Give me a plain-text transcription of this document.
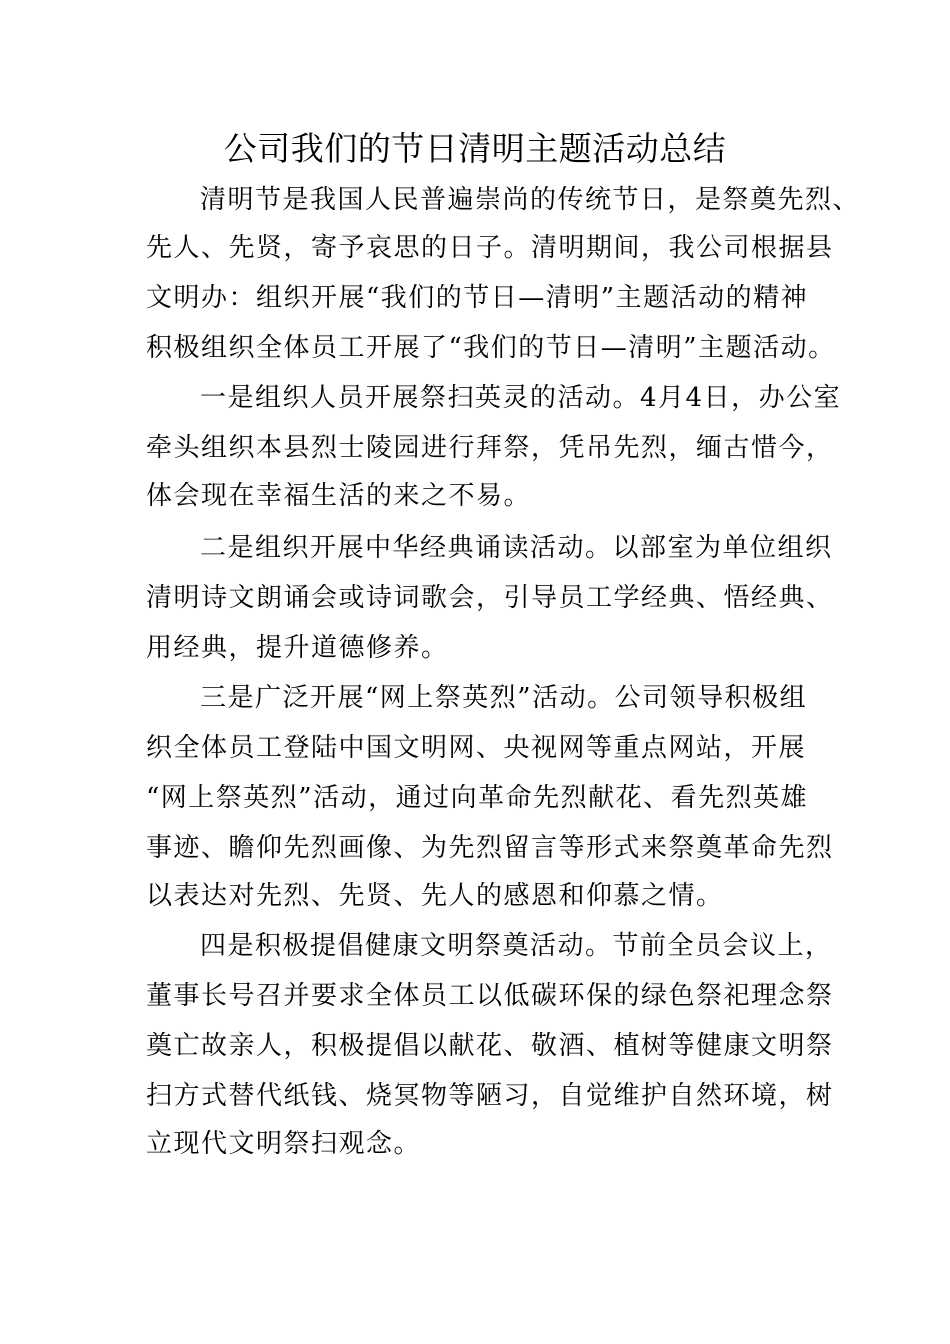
公司我们的节日清明主题活动总结

清明节是我国人民普遍崇尚的传统节日，是祭奠先烈、

先人、先贤，寄予哀思的日子。清明期间，我公司根据县

文明办：组织开展“我们的节日—清明”主题活动的精神

积极组织全体员工开展了“我们的节日—清明”主题活动。

一是组织人员开展祭扫英灵的活动。4月4日，办公室

牵头组织本县烈士陵园进行拜祭，凭吊先烈，缅古惜今，

体会现在幸福生活的来之不易。

二是组织开展中华经典诵读活动。以部室为单位组织

清明诗文朗诵会或诗词歌会，引导员工学经典、悟经典、

用经典，提升道德修养。

三是广泛开展“网上祭英烈”活动。公司领导积极组

织全体员工登陆中国文明网、央视网等重点网站，开展

“网上祭英烈”活动，通过向革命先烈献花、看先烈英雄

事迹、瞻仰先烈画像、为先烈留言等形式来祭奠革命先烈

以表达对先烈、先贤、先人的感恩和仰慕之情。

四是积极提倡健康文明祭奠活动。节前全员会议上，

董事长号召并要求全体员工以低碳环保的绿色祭祀理念祭

奠亡故亲人，积极提倡以献花、敬酒、植树等健康文明祭

扫方式替代纸钱、烧冥物等陋习，自觉维护自然环境，树

立现代文明祭扫观念。
